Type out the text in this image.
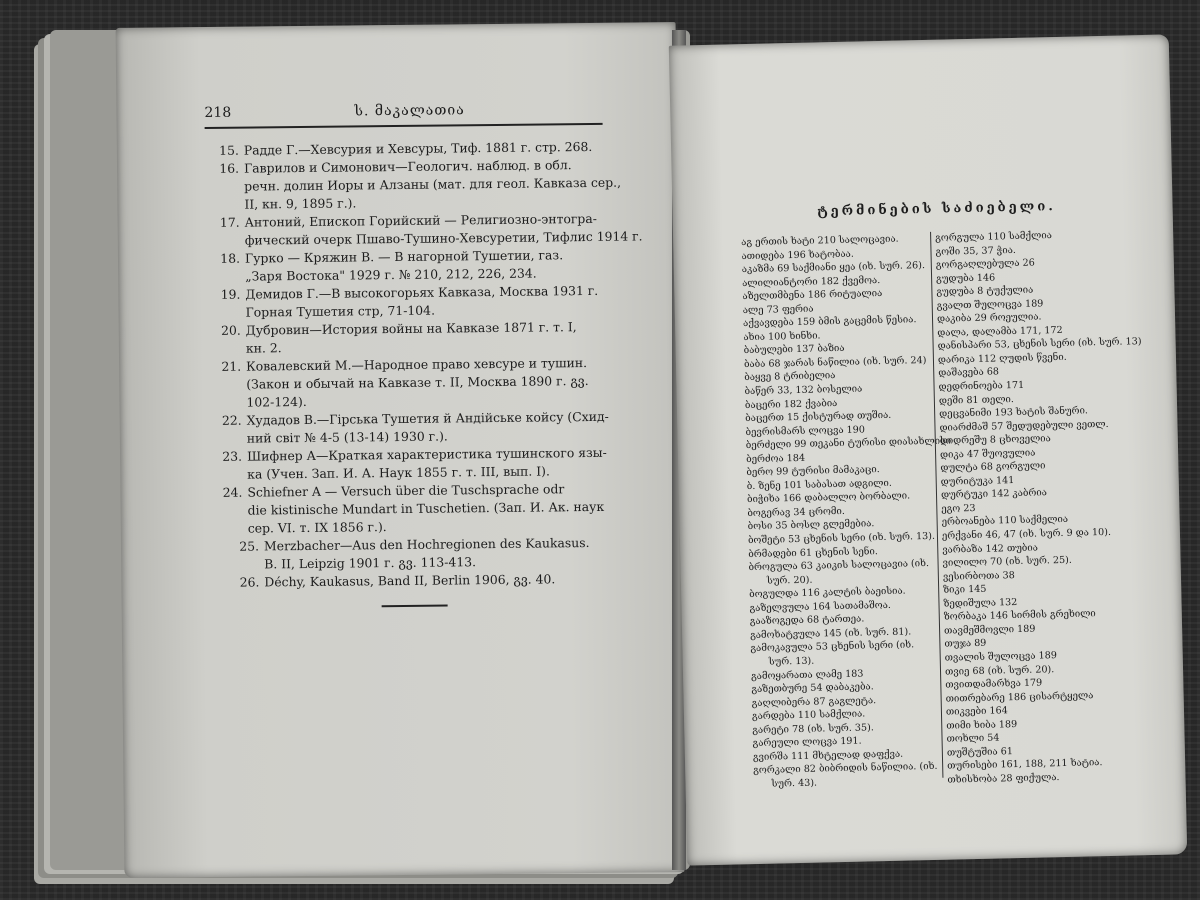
218	ს. მაკალათია
15. Радде Г.—Хевсурия и Хевсуры, Тиф. 1881 г. стр. 268.
16. Гаврилов и Симонович—Геологич. наблюд. в обл.
речн. долин Иоры и Алзаны (мат. для геол. Кавказа сер.,
II, кн. 9, 1895 г.).
17. Антоний, Епископ Горийский — Религиозно-энтогра-
фический очерк Пшаво-Тушино-Хевсуретии, Тифлис 1914 г.
18. Гурко — Кряжин В. — В нагорной Тушетии, газ.
„Заря Востока" 1929 г. № 210, 212, 226, 234.
19. Демидов Г.—В высокогорьях Кавказа, Москва 1931 г.
Горная Тушетия стр, 71-104.
20. Дубровин—История войны на Кавказе 1871 г. т. I,
кн. 2.
21. Ковалевский М.—Народное право хевсуре и тушин.
(Закон и обычай на Кавказе т. II, Москва 1890 г. გვ.
102-124).
22. Худадов В.—Гірська Тушетия й Андійське койсу (Схид-
ний світ № 4-5 (13-14) 1930 г.).
23. Шифнер А—Краткая характеристика тушинского язы-
ка (Учен. Зап. И. А. Наук 1855 г. т. III, вып. I).
24. Schiefner A — Versuch über die Tuschsprache odr
die kistinische Mundart in Tuschetien. (Зап. И. Ак. наук
сер. VI. т. IX 1856 г.).
25. Merzbacher—Aus den Hochregionen des Kaukasus.
B. II, Leipzig 1901 г. გვ. 113-413.
26. Déchy, Kaukasus, Band II, Berlin 1906, გვ. 40.
ტერმინების საძიებელი.
აგ ერთის ხატი 210 სალოცავია.
ათიდება 196 ხატობაა.
აკაზმა 69 საქმიანი ყეა (იხ. სურ. 26).
ალილიანტორი 182 ქვემოა.
აზელთმბენა 186 რიტუალია
ალე 73 ფერია
აქვავდება 159 ბმის გაცემის წესია.
ახია 100 ხინხი.
ბაბულები 137 ბაზია
ბაბა 68 ჯარას ნაწილია (იხ. სურ. 24)
ბაყვე 8 ტრიბელია
ბაწერ 33, 132 ბოსელია
ბაცერი 182 ქვაბია
ბაცერთ 15 ქისტურად თუშია.
ბევრისმარს ლოცვა 190
ბერძელი 99 თეკანი ტურისი დიასახლისი
ბერძოა 184
ბერო 99 ტურისი მამაკაცი.
ბ. ზენე 101 საბასათ ადგილი.
ბიჭიხა 166 დაბალლო ბორბალი.
ბოგერავ 34 ცრომი.
ბოსი 35 ბოსლ გლემებია.
ბოშეტი 53 ცხენის სერი (იხ. სურ. 13).
ბრმადები 61 ცხენის სენი.
ბროგულა 63 კაიკის სალოცავია (იხ.
სურ. 20).
ბოგულდა 116 კალტის ბაეისია.
გაზელვულა 164 სათამაშოა.
გააზოგედა 68 ტართეა.
გამოხატვულა 145 (იხ. სურ. 81).
გამოკავულა 53 ცხენის სერი (იხ.
სურ. 13).
გამოყარათა ლამე 183
გაზეთბურე 54 დაბაკება.
გაღლიბერა 87 გაგლეტა.
გარდება 110 სამქლია.
გარეტი 78 (იხ. სურ. 35).
გარეული ლოცვა 191.
გვირშა 111 მხტელად დაფქვა.
გორკალი 82 ბიბრიდის ნაწილია. (იხ.
სურ. 43).
გორგულა 110 სამქლია
გოში 35, 37 ჭია.
გორგაღლებულა 26
გუდუბა 146
გუდუბა 8 ტუქულია
გვალთ შულოცვა 189
დაკიბა 29 როეულია.
დალა, დალამბა 171, 172
დანისპარი 53, ცხენის სერი (იხ. სურ. 13)
დარიკა 112 ღუდის წვენი.
დაშავება 68
დედრინოება 171
დეში 81 თელი.
დეცვანიმი 193 ხატის შანური.
დიარძმაშ 57 შედუდებული ვეთლ.
დიდრეშუ 8 ცხოველია
დიკა 47 შუოვულია
დულტა 68 გორგული
დურიტუკა 141
დურტუკი 142 კაბრია
ეგო 23
ერბოანება 110 საქმელია
ერქვანი 46, 47 (იხ. სურ. 9 და 10).
ვარბაზა 142 თუბია
ვილილო 70 (იხ. სურ. 25).
ვესირბოთა 38
ზიკი 145
ზედიშულა 132
ზორბაკა 146 სირმის გრეხილი
თავმეშმოვლი 189
თუჯა 89
თვალის შულოცვა 189
თვიე 68 (იხ. სურ. 20).
თვითდამარხვა 179
თითრებარე 186 ცისარტყელა
თიკვები 164
თიმი ხიბა 189
თოხლი 54
თუშტუშია 61
თურისები 161, 188, 211 ხატია.
თხისხობა 28 ფიქულა.
